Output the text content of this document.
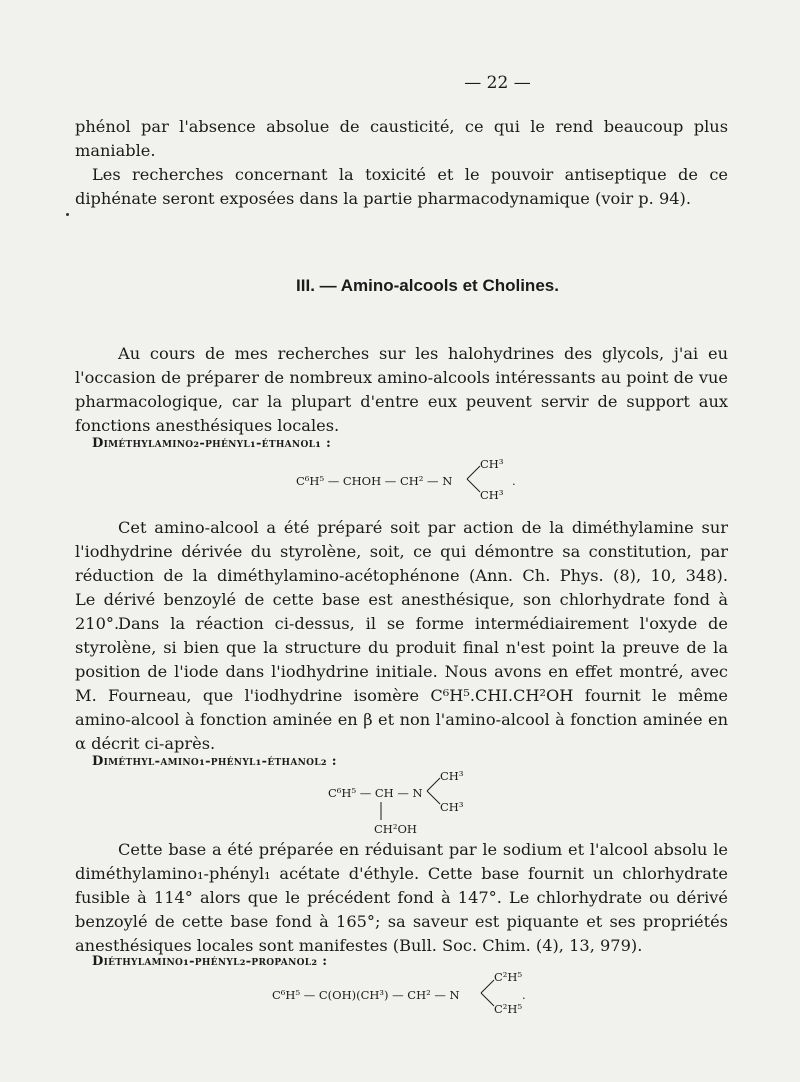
— 22 —
phénol par l'absence absolue de causticité, ce qui le rend beaucoup plus
maniable.
Les recherches concernant la toxicité et le pouvoir antiseptique de ce
diphénate seront exposées dans la partie pharmacodynamique (voir p. 94).
III. — Amino-alcools et Cholines.
Au cours de mes recherches sur les halohydrines des glycols, j'ai eu
l'occasion de préparer de nombreux amino-alcools intéressants au point de vue
pharmacologique, car la plupart d'entre eux peuvent servir de support aux
fonctions anesthésiques locales.
Diméthylamino₂-phényl₁-éthanol₁ :
C⁶H⁵ — CHOH — CH² — N
CH³
CH³
.
Cet amino-alcool a été préparé soit par action de la diméthylamine sur
l'iodhydrine dérivée du styrolène, soit, ce qui démontre sa constitution, par
réduction de la diméthylamino-acétophénone (Ann. Ch. Phys. (8), 10, 348).
Le dérivé benzoylé de cette base est anesthésique, son chlorhydrate fond à 210°.
Dans la réaction ci-dessus, il se forme intermédiairement l'oxyde de
styrolène, si bien que la structure du produit final n'est point la preuve de la
position de l'iode dans l'iodhydrine initiale. Nous avons en effet montré, avec
M. Fourneau, que l'iodhydrine isomère C⁶H⁵.CHI.CH²OH fournit le même
amino-alcool à fonction aminée en β et non l'amino-alcool à fonction aminée en
α décrit ci-après.
Diméthyl-amino₁-phényl₁-éthanol₂ :
C⁶H⁵ — CH — N
CH³
CH³
CH²OH
Cette base a été préparée en réduisant par le sodium et l'alcool absolu le
diméthylamino₁-phényl₁ acétate d'éthyle. Cette base fournit un chlorhydrate
fusible à 114° alors que le précédent fond à 147°. Le chlorhydrate ou dérivé
benzoylé de cette base fond à 165°; sa saveur est piquante et ses propriétés
anesthésiques locales sont manifestes (Bull. Soc. Chim. (4), 13, 979).
Diéthylamino₁-phényl₂-propanol₂ :
C⁶H⁵ — C(OH)(CH³) — CH² — N
C²H⁵
C²H⁵
.
